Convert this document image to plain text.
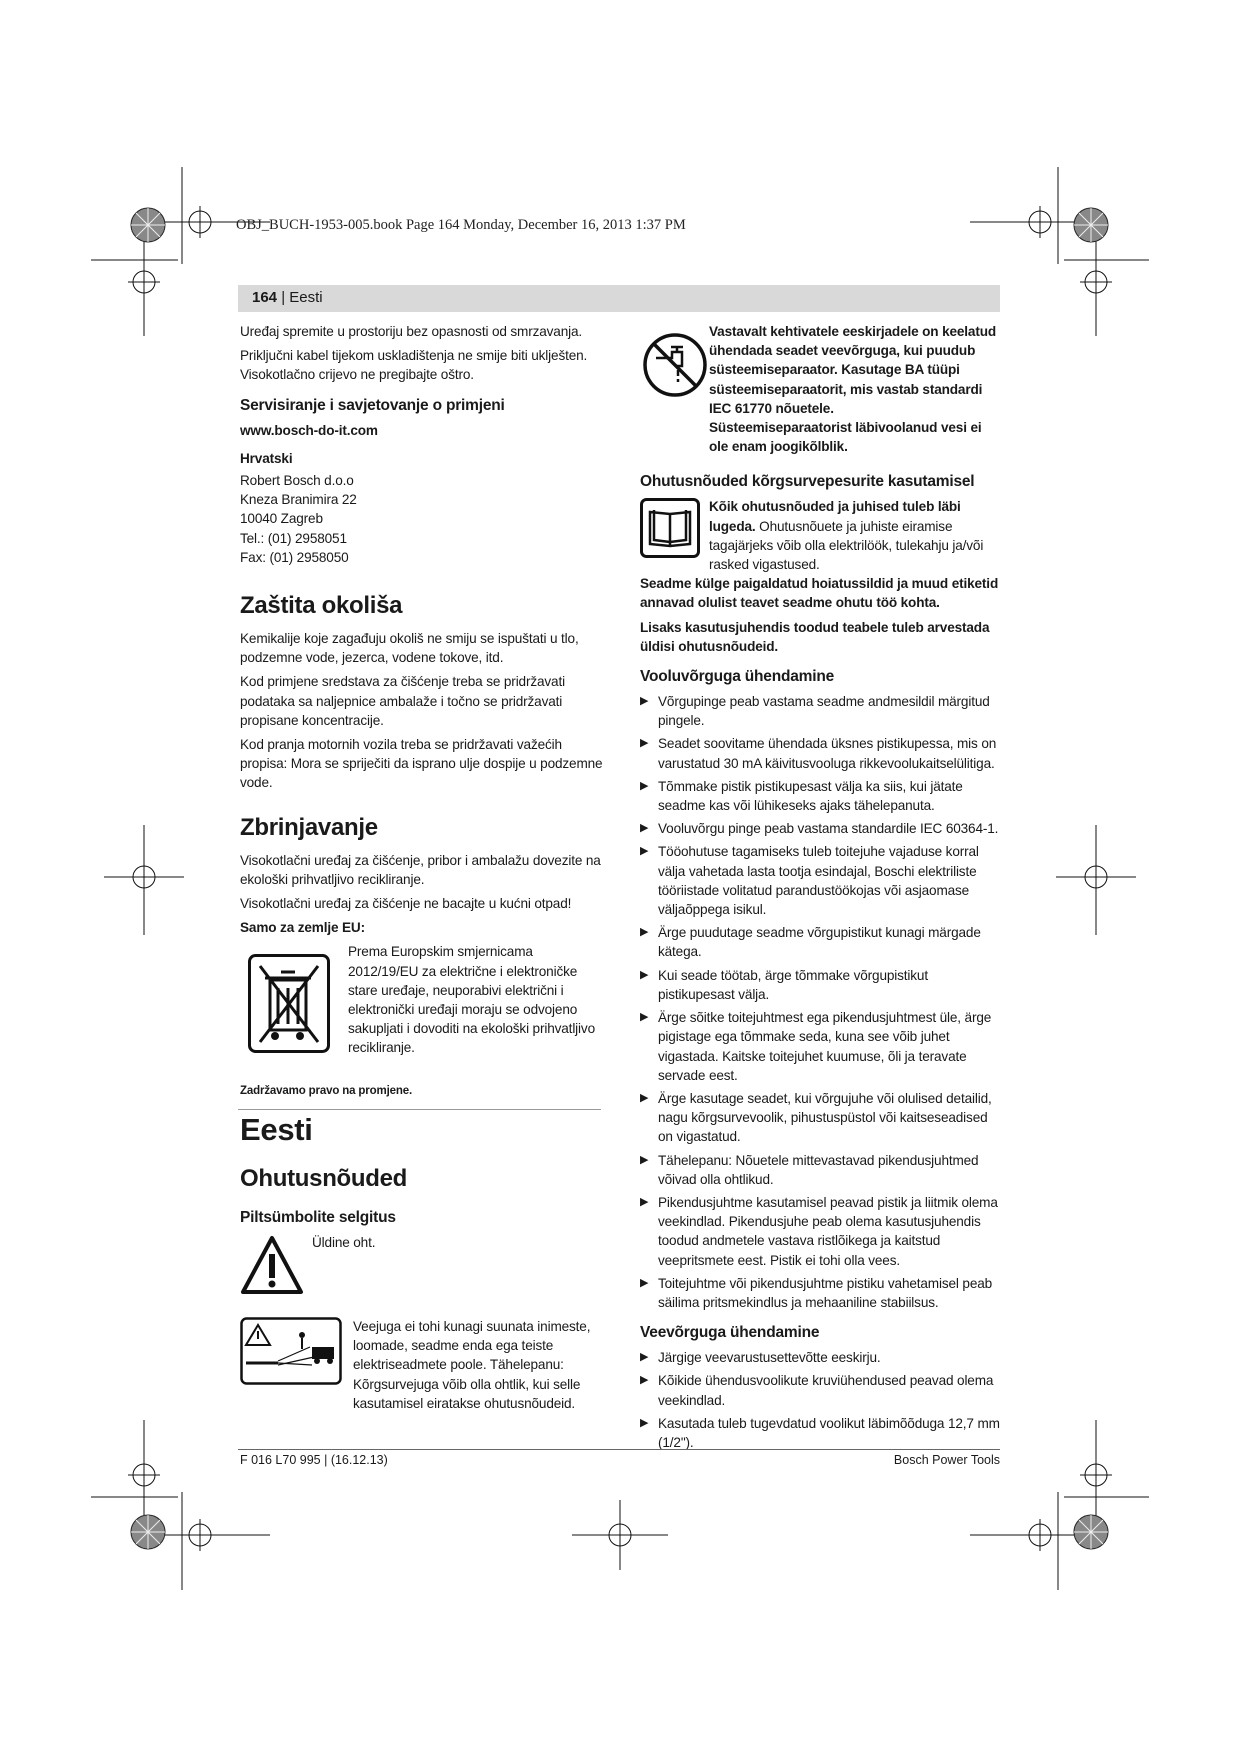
OBJ_BUCH-1953-005.book Page 164 Monday, December 16, 2013 1:37 PM
164 | Eesti

Uređaj spremite u prostoriju bez opasnosti od smrzavanja.

Priključni kabel tijekom uskladištenja ne smije biti uklješten. Visokotlačno crijevo ne pregibajte oštro.

Servisiranje i savjetovanje o primjeni

www.bosch-do-it.com

Hrvatski

Robert Bosch d.o.o
Kneza Branimira 22
10040 Zagreb
Tel.: (01) 2958051
Fax: (01) 2958050
Zaštita okoliša

Kemikalije koje zagađuju okoliš ne smiju se ispuštati u tlo, podzemne vode, jezerca, vodene tokove, itd.

Kod primjene sredstava za čišćenje treba se pridržavati podataka sa naljepnice ambalaže i točno se pridržavati propisane koncentracije.

Kod pranja motornih vozila treba se pridržavati važećih propisa: Mora se spriječiti da isprano ulje dospije u podzemne vode.

Zbrinjavanje

Visokotlačni uređaj za čišćenje, pribor i ambalažu dovezite na ekološki prihvatljivo recikliranje.

Visokotlačni uređaj za čišćenje ne bacajte u kućni otpad!

Samo za zemlje EU:

Prema Europskim smjernicama 2012/19/EU za električne i elektroničke stare uređaje, neuporabivi električni i elektronički uređaji moraju se odvojeno sakupljati i dovoditi na ekološki prihvatljivo recikliranje.

Zadržavamo pravo na promjene.

Eesti
Ohutusnõuded
Piltsümbolite selgitus
Üldine oht.
Veejuga ei tohi kunagi suunata inimeste, loomade, seadme enda ega teiste elektriseadmete poole. Tähelepanu: Kõrgsurvejuga võib olla ohtlik, kui selle kasutamisel eiratakse ohutusnõudeid.
Vastavalt kehtivatele eeskirjadele on keelatud ühendada seadet veevõrguga, kui puudub süsteemiseparaator. Kasutage BA tüüpi süsteemiseparaatorit, mis vastab standardi IEC 61770 nõuetele.
Süsteemiseparaatorist läbivoolanud vesi ei ole enam joogikõlblik.
Ohutusnõuded kõrgsurvepesurite kasutamisel
Kõik ohutusnõuded ja juhised tuleb läbi lugeda. Ohutusnõuete ja juhiste eiramise tagajärjeks võib olla elektrilöök, tulekahju ja/või rasked vigastused.

Seadme külge paigaldatud hoiatussildid ja muud etiketid annavad olulist teavet seadme ohutu töö kohta.

Lisaks kasutusjuhendis toodud teabele tuleb arvestada üldisi ohutusnõudeid.

Vooluvõrguga ühendamine
▶ Võrgupinge peab vastama seadme andmesildil märgitud pingele.
▶ Seadet soovitame ühendada üksnes pistikupessa, mis on varustatud 30 mA käivitusvooluga rikkevoolukaitselülitiga.
▶ Tõmmake pistik pistikupesast välja ka siis, kui jätate seadme kas või lühikeseks ajaks tähelepanuta.
▶ Vooluvõrgu pinge peab vastama standardile IEC 60364-1.
▶ Tööohutuse tagamiseks tuleb toitejuhe vajaduse korral välja vahetada lasta tootja esindajal, Boschi elektriliste tööriistade volitatud parandustöökojas või asjaomase väljaõppega isikul.
▶ Ärge puudutage seadme võrgupistikut kunagi märgade kätega.
▶ Kui seade töötab, ärge tõmmake võrgupistikut pistikupesast välja.
▶ Ärge sõitke toitejuhtmest ega pikendusjuhtmest üle, ärge pigistage ega tõmmake seda, kuna see võib juhet vigastada. Kaitske toitejuhet kuumuse, õli ja teravate servade eest.
▶ Ärge kasutage seadet, kui võrgujuhe või olulised detailid, nagu kõrgsurvevoolik, pihustuspüstol või kaitseseadised on vigastatud.
▶ Tähelepanu: Nõuetele mittevastavad pikendusjuhtmed võivad olla ohtlikud.
▶ Pikendusjuhtme kasutamisel peavad pistik ja liitmik olema veekindlad. Pikendusjuhe peab olema kasutusjuhendis toodud andmetele vastava ristlõikega ja kaitstud veepritsmete eest. Pistik ei tohi olla vees.
▶ Toitejuhtme või pikendusjuhtme pistiku vahetamisel peab säilima pritsmekindlus ja mehaaniline stabiilsus.
Veevõrguga ühendamine
▶ Järgige veevarustusettevõtte eeskirju.
▶ Kõikide ühendusvoolikute kruviühendused peavad olema veekindlad.
▶ Kasutada tuleb tugevdatud voolikut läbimõõduga 12,7 mm (1/2").
F 016 L70 995 | (16.12.13)	Bosch Power Tools
